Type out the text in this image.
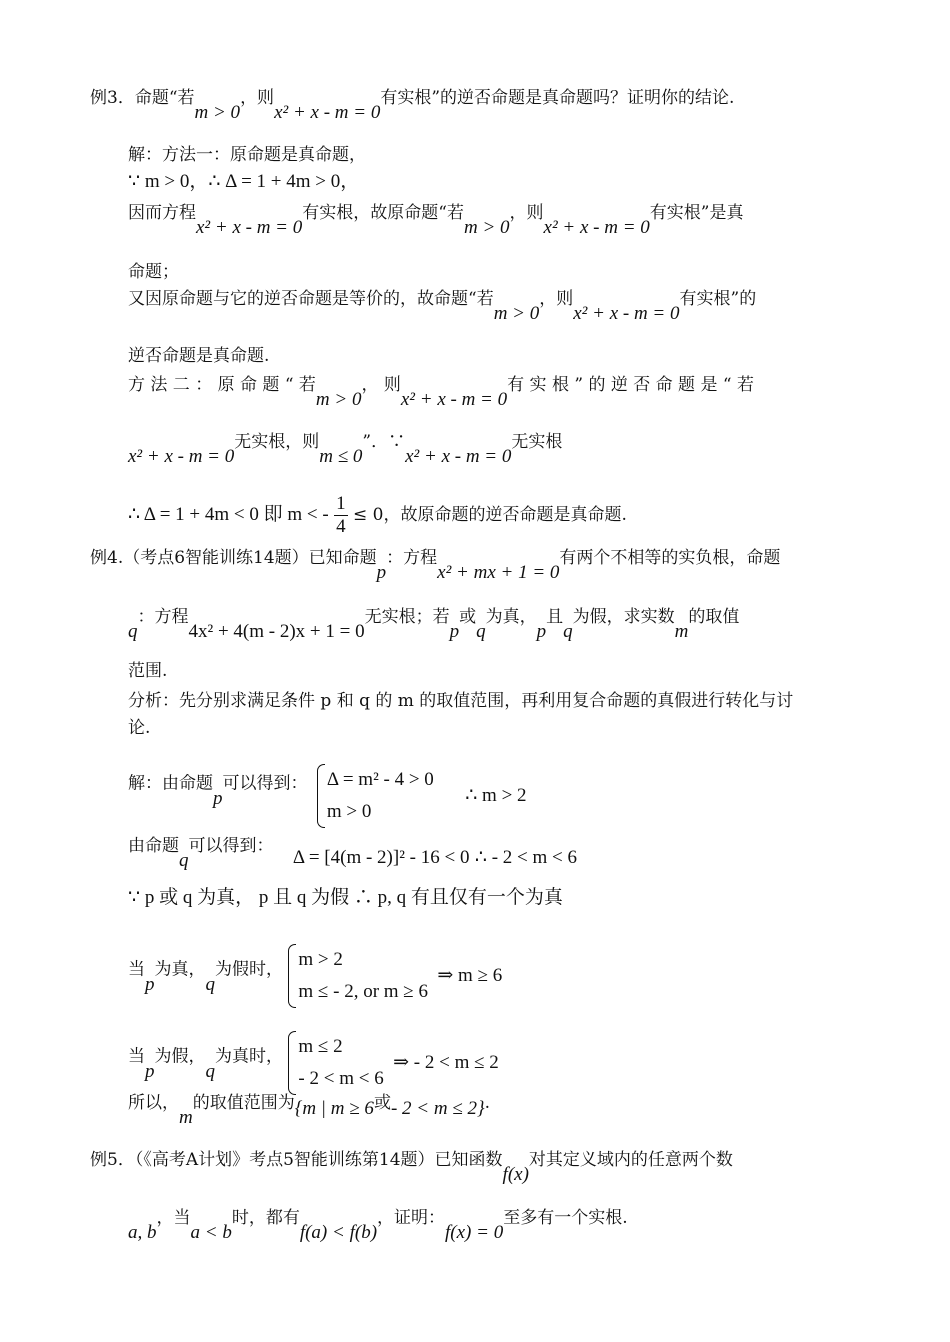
例3．命题“若m > 0，则x² + x - m = 0有实根”的逆否命题是真命题吗？证明你的结论.
解：方法一：原命题是真命题，
∵ m > 0，∴ Δ = 1 + 4m > 0，
因而方程x² + x - m = 0有实根，故原命题“若m > 0，则x² + x - m = 0有实根”是真
命题；
又因原命题与它的逆否命题是等价的，故命题“若m > 0，则x² + x - m = 0有实根”的
逆否命题是真命题.
方 法 二 ： 原 命 题 “ 若m > 0， 则x² + x - m = 0有 实 根 ” 的 逆 否 命 题 是 “ 若
x² + x - m = 0无实根，则m ≤ 0”．∵x² + x - m = 0无实根
∴ Δ = 1 + 4m < 0 即 m < - $\frac{1}{4} \le 0$，故原命题的逆否命题是真命题.
例4.（考点6智能训练14题）已知命题p：方程x² + mx + 1 = 0有两个不相等的实负根，命题
q：方程4x² + 4(m - 2)x + 1 = 0无实根；若p或q为真，p且q为假，求实数m的取值
范围.
分析：先分别求满足条件 p 和 q 的 m 的取值范围，再利用复合命题的真假进行转化与讨
论.
解：由命题p可以得到：	Δ = m² - 4 > 0
m > 0
∴ m > 2
由命题q可以得到： Δ = [4(m - 2)]² - 16 < 0 ∴ - 2 < m < 6
∵ p 或 q 为真， p 且 q 为假 ∴ p, q 有且仅有一个为真
当p为真，q为假时， m > 2
m ≤ - 2, or m ≥ 6
⇒ m ≥ 6
当p为假，q为真时， m ≤ 2
- 2 < m < 6
⇒ - 2 < m ≤ 2
所以，m的取值范围为{m | m ≥ 6或- 2 < m ≤ 2}.
例5．（《高考A计划》考点5智能训练第14题）已知函数f(x)对其定义域内的任意两个数
a, b，当a < b时，都有f(a) < f(b)，证明：f(x) = 0至多有一个实根.
